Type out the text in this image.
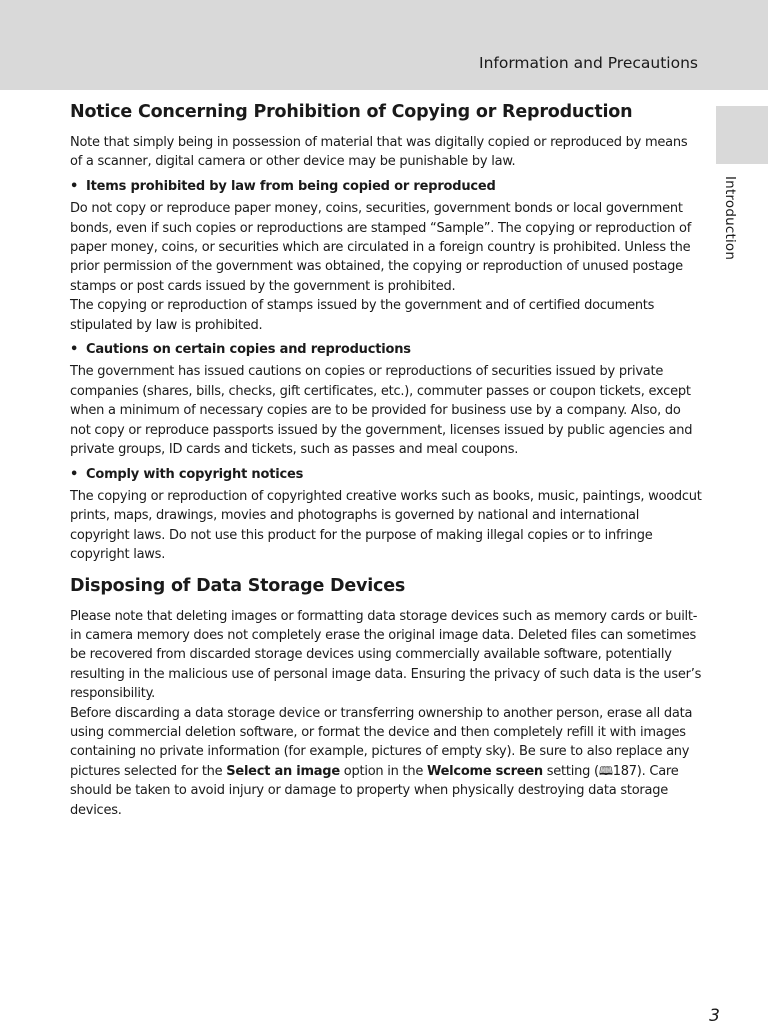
Information and Precautions
Introduction
Notice Concerning Prohibition of Copying or Reproduction

Note that simply being in possession of material that was digitally copied or reproduced by means of a scanner, digital camera or other device may be punishable by law.

• Items prohibited by law from being copied or reproduced

Do not copy or reproduce paper money, coins, securities, government bonds or local government bonds, even if such copies or reproductions are stamped “Sample”. The copying or reproduction of paper money, coins, or securities which are circulated in a foreign country is prohibited. Unless the prior permission of the government was obtained, the copying or reproduction of unused postage stamps or post cards issued by the government is prohibited.

The copying or reproduction of stamps issued by the government and of certified documents stipulated by law is prohibited.

• Cautions on certain copies and reproductions

The government has issued cautions on copies or reproductions of securities issued by private companies (shares, bills, checks, gift certificates, etc.), commuter passes or coupon tickets, except when a minimum of necessary copies are to be provided for business use by a company. Also, do not copy or reproduce passports issued by the government, licenses issued by public agencies and private groups, ID cards and tickets, such as passes and meal coupons.

• Comply with copyright notices

The copying or reproduction of copyrighted creative works such as books, music, paintings, woodcut prints, maps, drawings, movies and photographs is governed by national and international copyright laws. Do not use this product for the purpose of making illegal copies or to infringe copyright laws.

Disposing of Data Storage Devices

Please note that deleting images or formatting data storage devices such as memory cards or built-in camera memory does not completely erase the original image data. Deleted files can sometimes be recovered from discarded storage devices using commercially available software, potentially resulting in the malicious use of personal image data. Ensuring the privacy of such data is the user’s responsibility.

Before discarding a data storage device or transferring ownership to another person, erase all data using commercial deletion software, or format the device and then completely refill it with images containing no private information (for example, pictures of empty sky). Be sure to also replace any pictures selected for the Select an image option in the Welcome screen setting (🕮187). Care should be taken to avoid injury or damage to property when physically destroying data storage devices.

3
